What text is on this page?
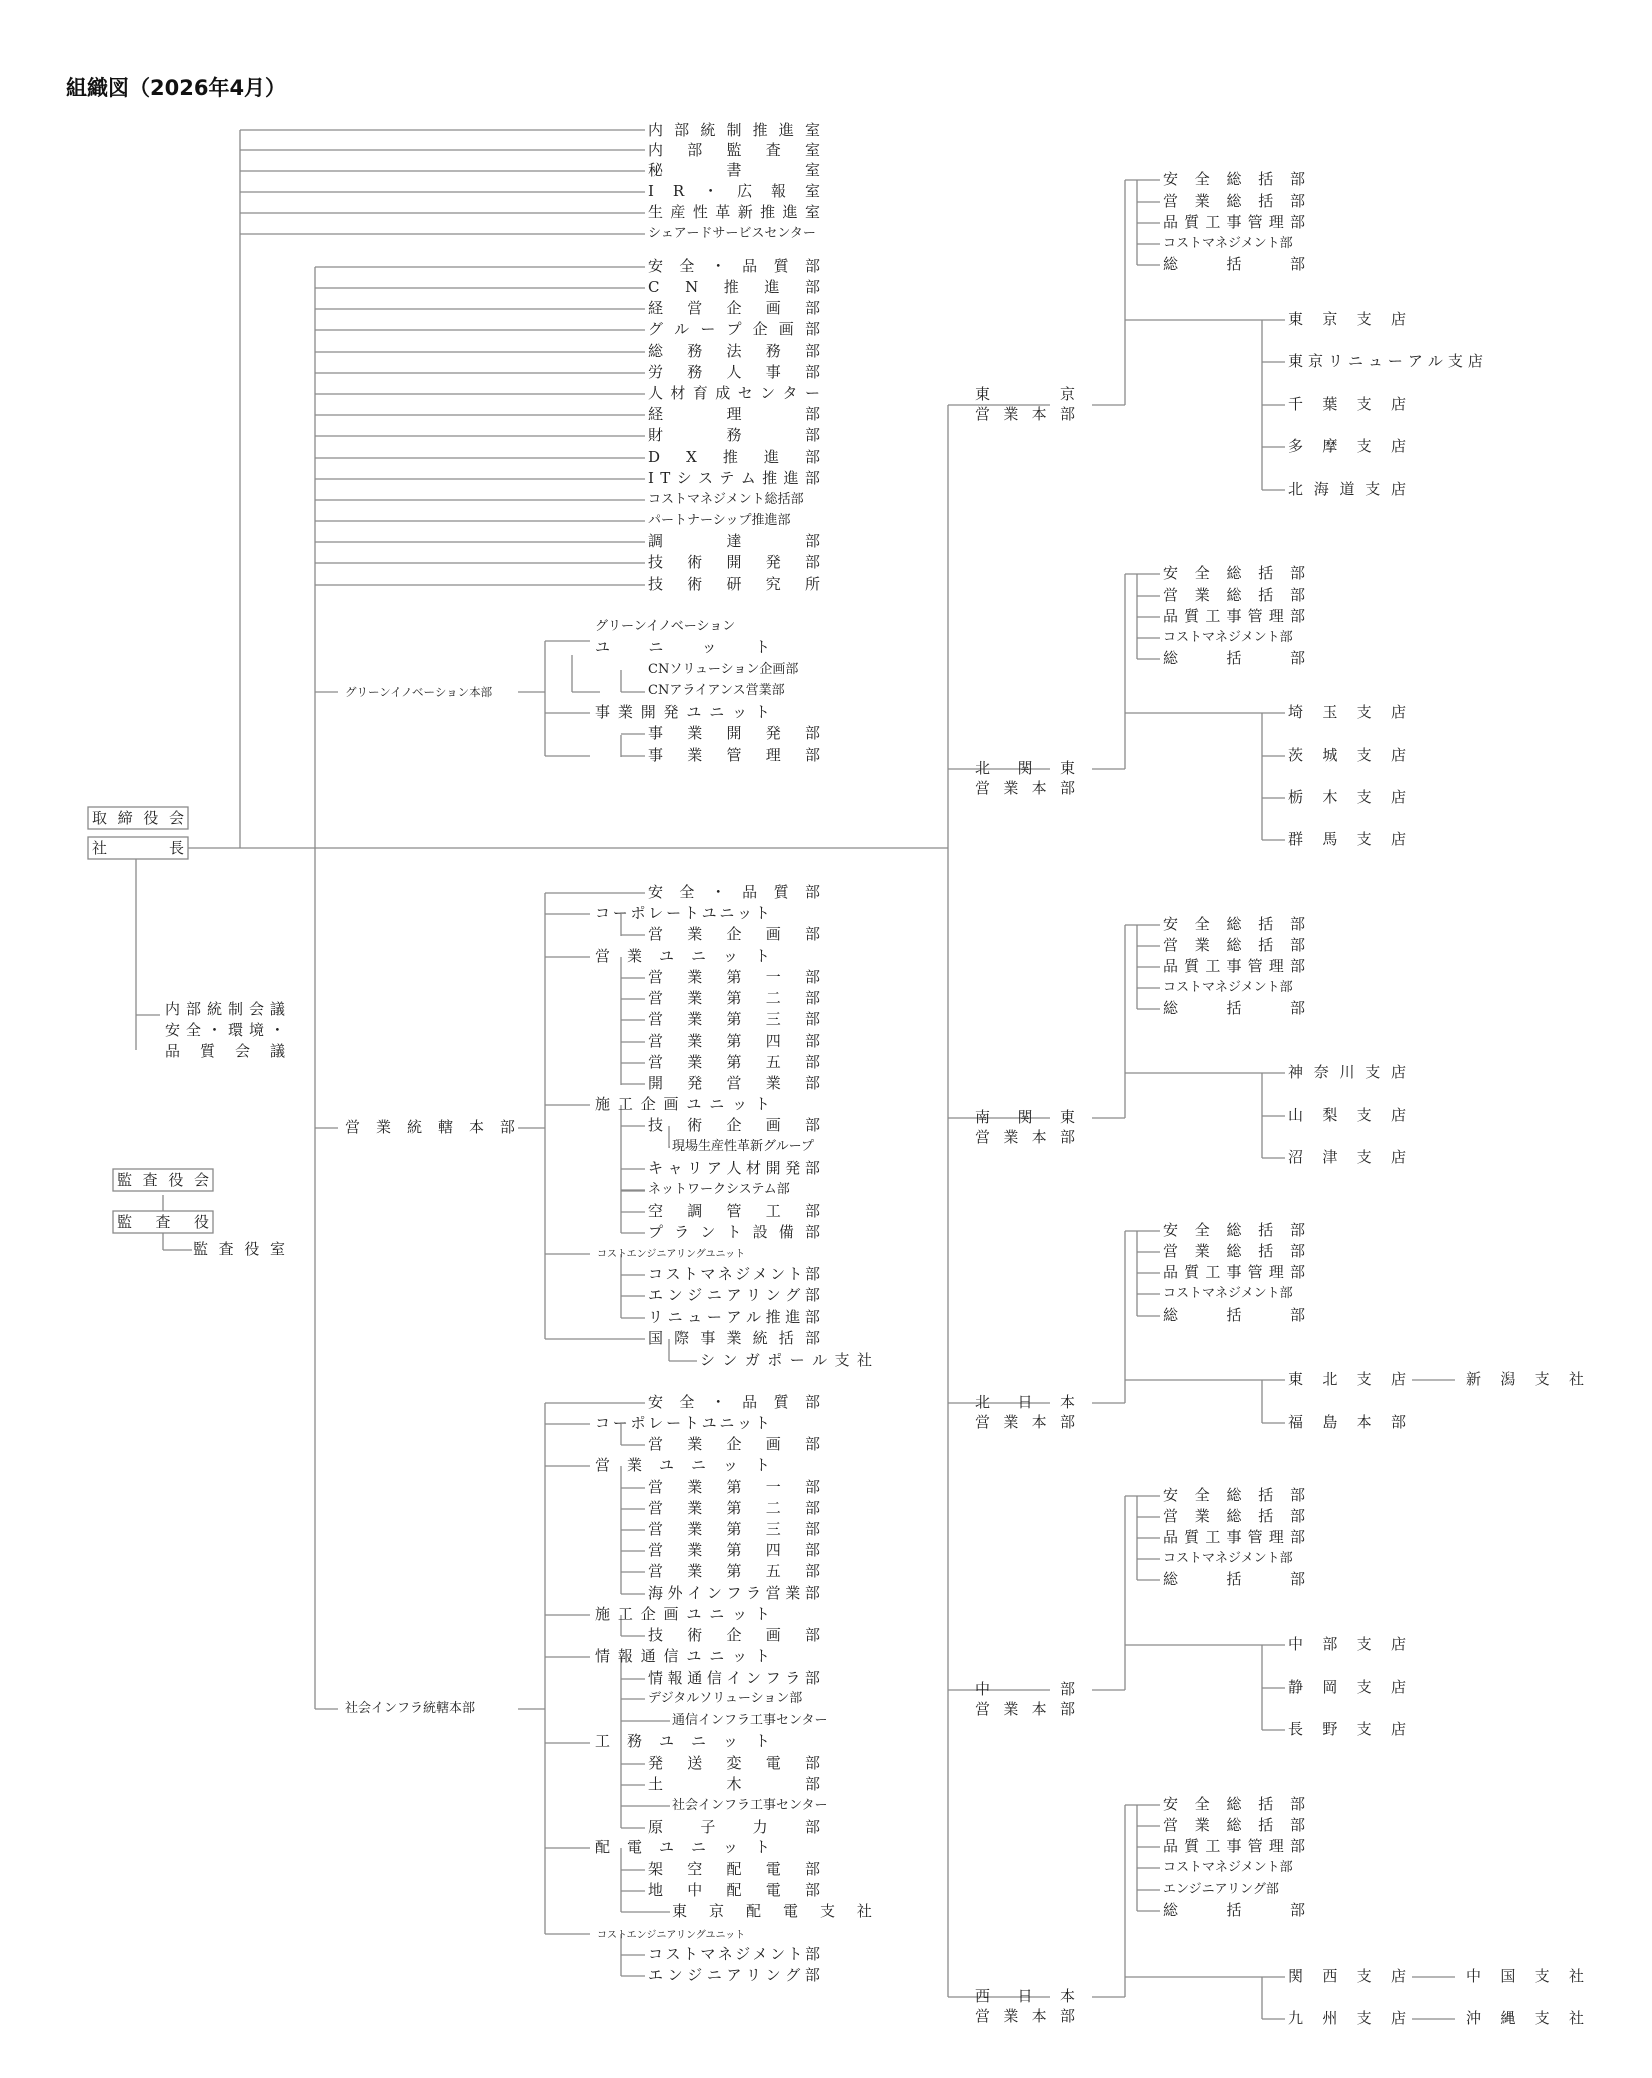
組織図（2026年4月）
内 部 統 制 推 進 室
内 部 監 査 室
秘	書	室
I R ・ 広 報 室
生 産 性 革 新 推 進 室
シェアードサービスセンター
安 全 ・ 品 質 部
C N 推 進 部
経 営 企 画 部
グ ル ー プ 企 画 部
総 務 法 務 部
労 務 人 事 部
人 材 育 成 セ ン タ ー
経	理	部
財	務	部
D X 推 進 部
I T シ ス テ ム 推 進 部
コストマネジメント総括部
パートナーシップ推進部
調	達	部
技 術 開 発 部
技 術 研 究 所
グリーンイノベーション
ユ	ニ	ッ	ト
CNソリューション企画部
CNアライアンス営業部
グリーンイノベーション本部
事 業 開 発 ユ ニ ッ ト
事 業 開 発 部
事 業 管 理 部
取 締 役 会
社	長
安 全 ・ 品 質 部
コ ー ポ レ ー ト ユ ニ ッ ト
営 業 企 画 部
営 業 ユ ニ ッ ト
営 業 第 一 部
営 業 第 二 部
営 業 第 三 部
営 業 第 四 部
営 業 第 五 部
開 発 営 業 部
施 工 企 画 ユ ニ ッ ト
技 術 企 画 部
現場生産性革新グループ
営 業 統 轄 本 部
キ ャ リ ア 人 材 開 発 部
ネットワークシステム部
空 調 管 工 部
プ ラ ン ト 設 備 部
コストエンジニアリングユニット
コ ス ト マ ネ ジ メ ン ト 部
エ ン ジ ニ ア リ ン グ 部
リ ニ ュ ー ア ル 推 進 部
国 際 事 業 統 括 部
シ ン ガ ポ ー ル 支 社
内 部 統 制 会 議
安 全 ・ 環 境 ・
品 質 会 議
監 査 役 会
監 査 役
監 査 役 室
安 全 ・ 品 質 部
コ ー ポ レ ー ト ユ ニ ッ ト
営 業 企 画 部
営 業 ユ ニ ッ ト
営 業 第 一 部
営 業 第 二 部
営 業 第 三 部
営 業 第 四 部
営 業 第 五 部
海 外 イ ン フ ラ 営 業 部
施 工 企 画 ユ ニ ッ ト
技 術 企 画 部
情 報 通 信 ユ ニ ッ ト
情 報 通 信 イ ン フ ラ 部
デジタルソリューション部
社会インフラ統轄本部
通信インフラ工事センター
工 務 ユ ニ ッ ト
発 送 変 電 部
土	木	部
社会インフラ工事センター
原 子 力 部
配 電 ユ ニ ッ ト
架 空 配 電 部
地 中 配 電 部
東 京 配 電 支 社
コストエンジニアリングユニット
コ ス ト マ ネ ジ メ ン ト 部
エ ン ジ ニ ア リ ン グ 部
安 全 総 括 部
営 業 総 括 部
品 質 工 事 管 理 部
コストマネジメント部
総	括	部
東 京 支 店
東 京 リ ニ ュ ー ア ル 支 店
東	京
営 業 本 部
千 葉 支 店
多 摩 支 店
北 海 道 支 店
安 全 総 括 部
営 業 総 括 部
品 質 工 事 管 理 部
コストマネジメント部
総	括	部
埼 玉 支 店
茨 城 支 店
北 関 東
営 業 本 部	栃 木 支 店
群 馬 支 店
安 全 総 括 部
営 業 総 括 部
品 質 工 事 管 理 部
コストマネジメント部
総	括	部
神 奈 川 支 店
南 関 東
営 業 本 部
山 梨 支 店
沼 津 支 店
安 全 総 括 部
営 業 総 括 部
品 質 工 事 管 理 部
コストマネジメント部
総	括	部
東 北 支 店	新 潟 支 社
北 日 本
営 業 本 部	福 島 本 部
安 全 総 括 部
営 業 総 括 部
品 質 工 事 管 理 部
コストマネジメント部
総	括	部
中 部 支 店
中	部
営 業 本 部
静 岡 支 店
長 野 支 店
安 全 総 括 部
営 業 総 括 部
品 質 工 事 管 理 部
コストマネジメント部
エンジニアリング部
総	括	部
関 西 支 店	中 国 支 社
西 日 本
営 業 本 部	九 州 支 店	沖 縄 支 社
